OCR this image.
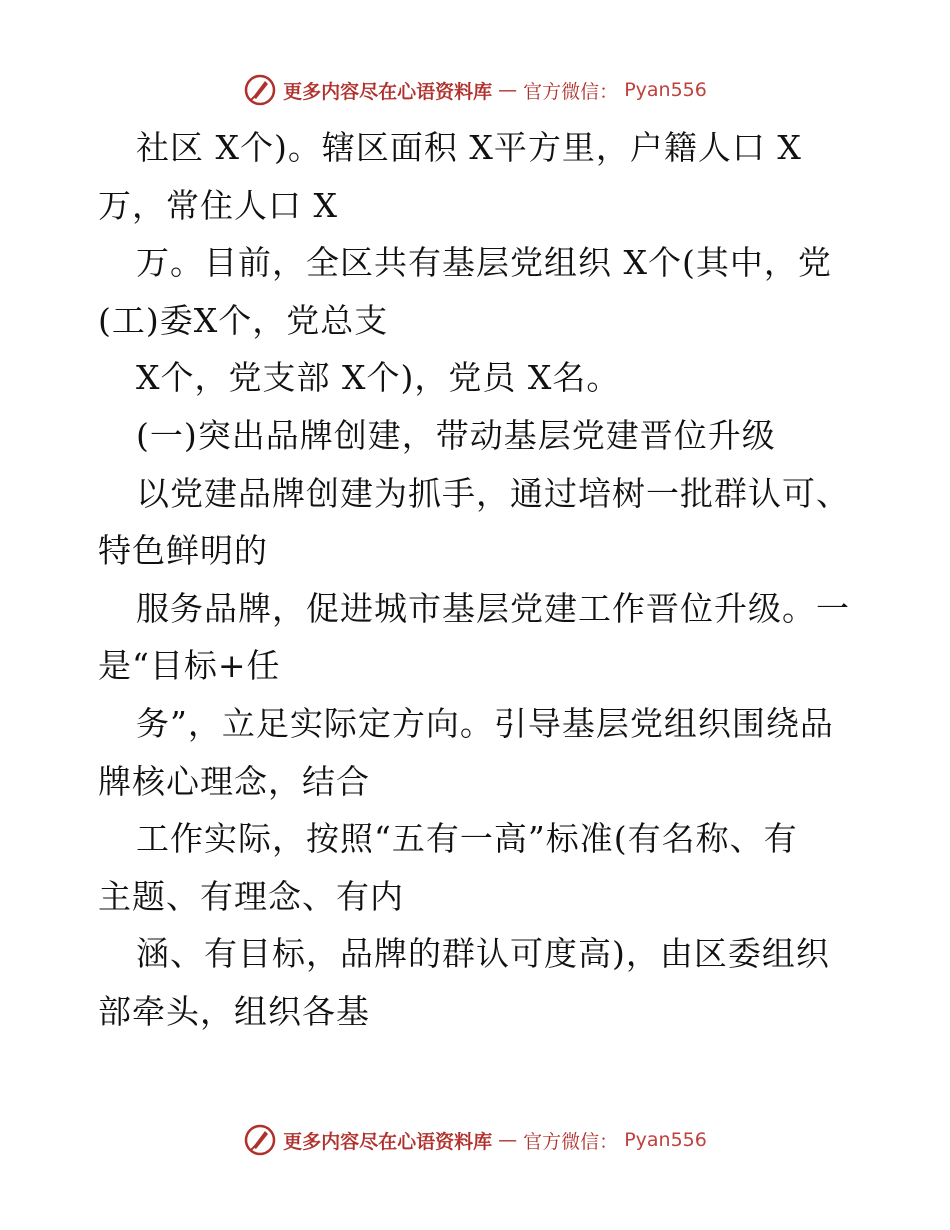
更多内容尽在心语资料库 — 官方微信： Pyan556
社区 X个)。辖区面积 X平方里，户籍人口 X
万，常住人口 X
万。目前，全区共有基层党组织 X个(其中，党
(工)委X个，党总支
X个，党支部 X个)，党员 X名。
(一)突出品牌创建，带动基层党建晋位升级
以党建品牌创建为抓手，通过培树一批群认可、
特色鲜明的
服务品牌，促进城市基层党建工作晋位升级。一
是“目标+任
务”，立足实际定方向。引导基层党组织围绕品
牌核心理念，结合
工作实际，按照“五有一高”标准(有名称、有
主题、有理念、有内
涵、有目标，品牌的群认可度高)，由区委组织
部牵头，组织各基
更多内容尽在心语资料库 — 官方微信： Pyan556
